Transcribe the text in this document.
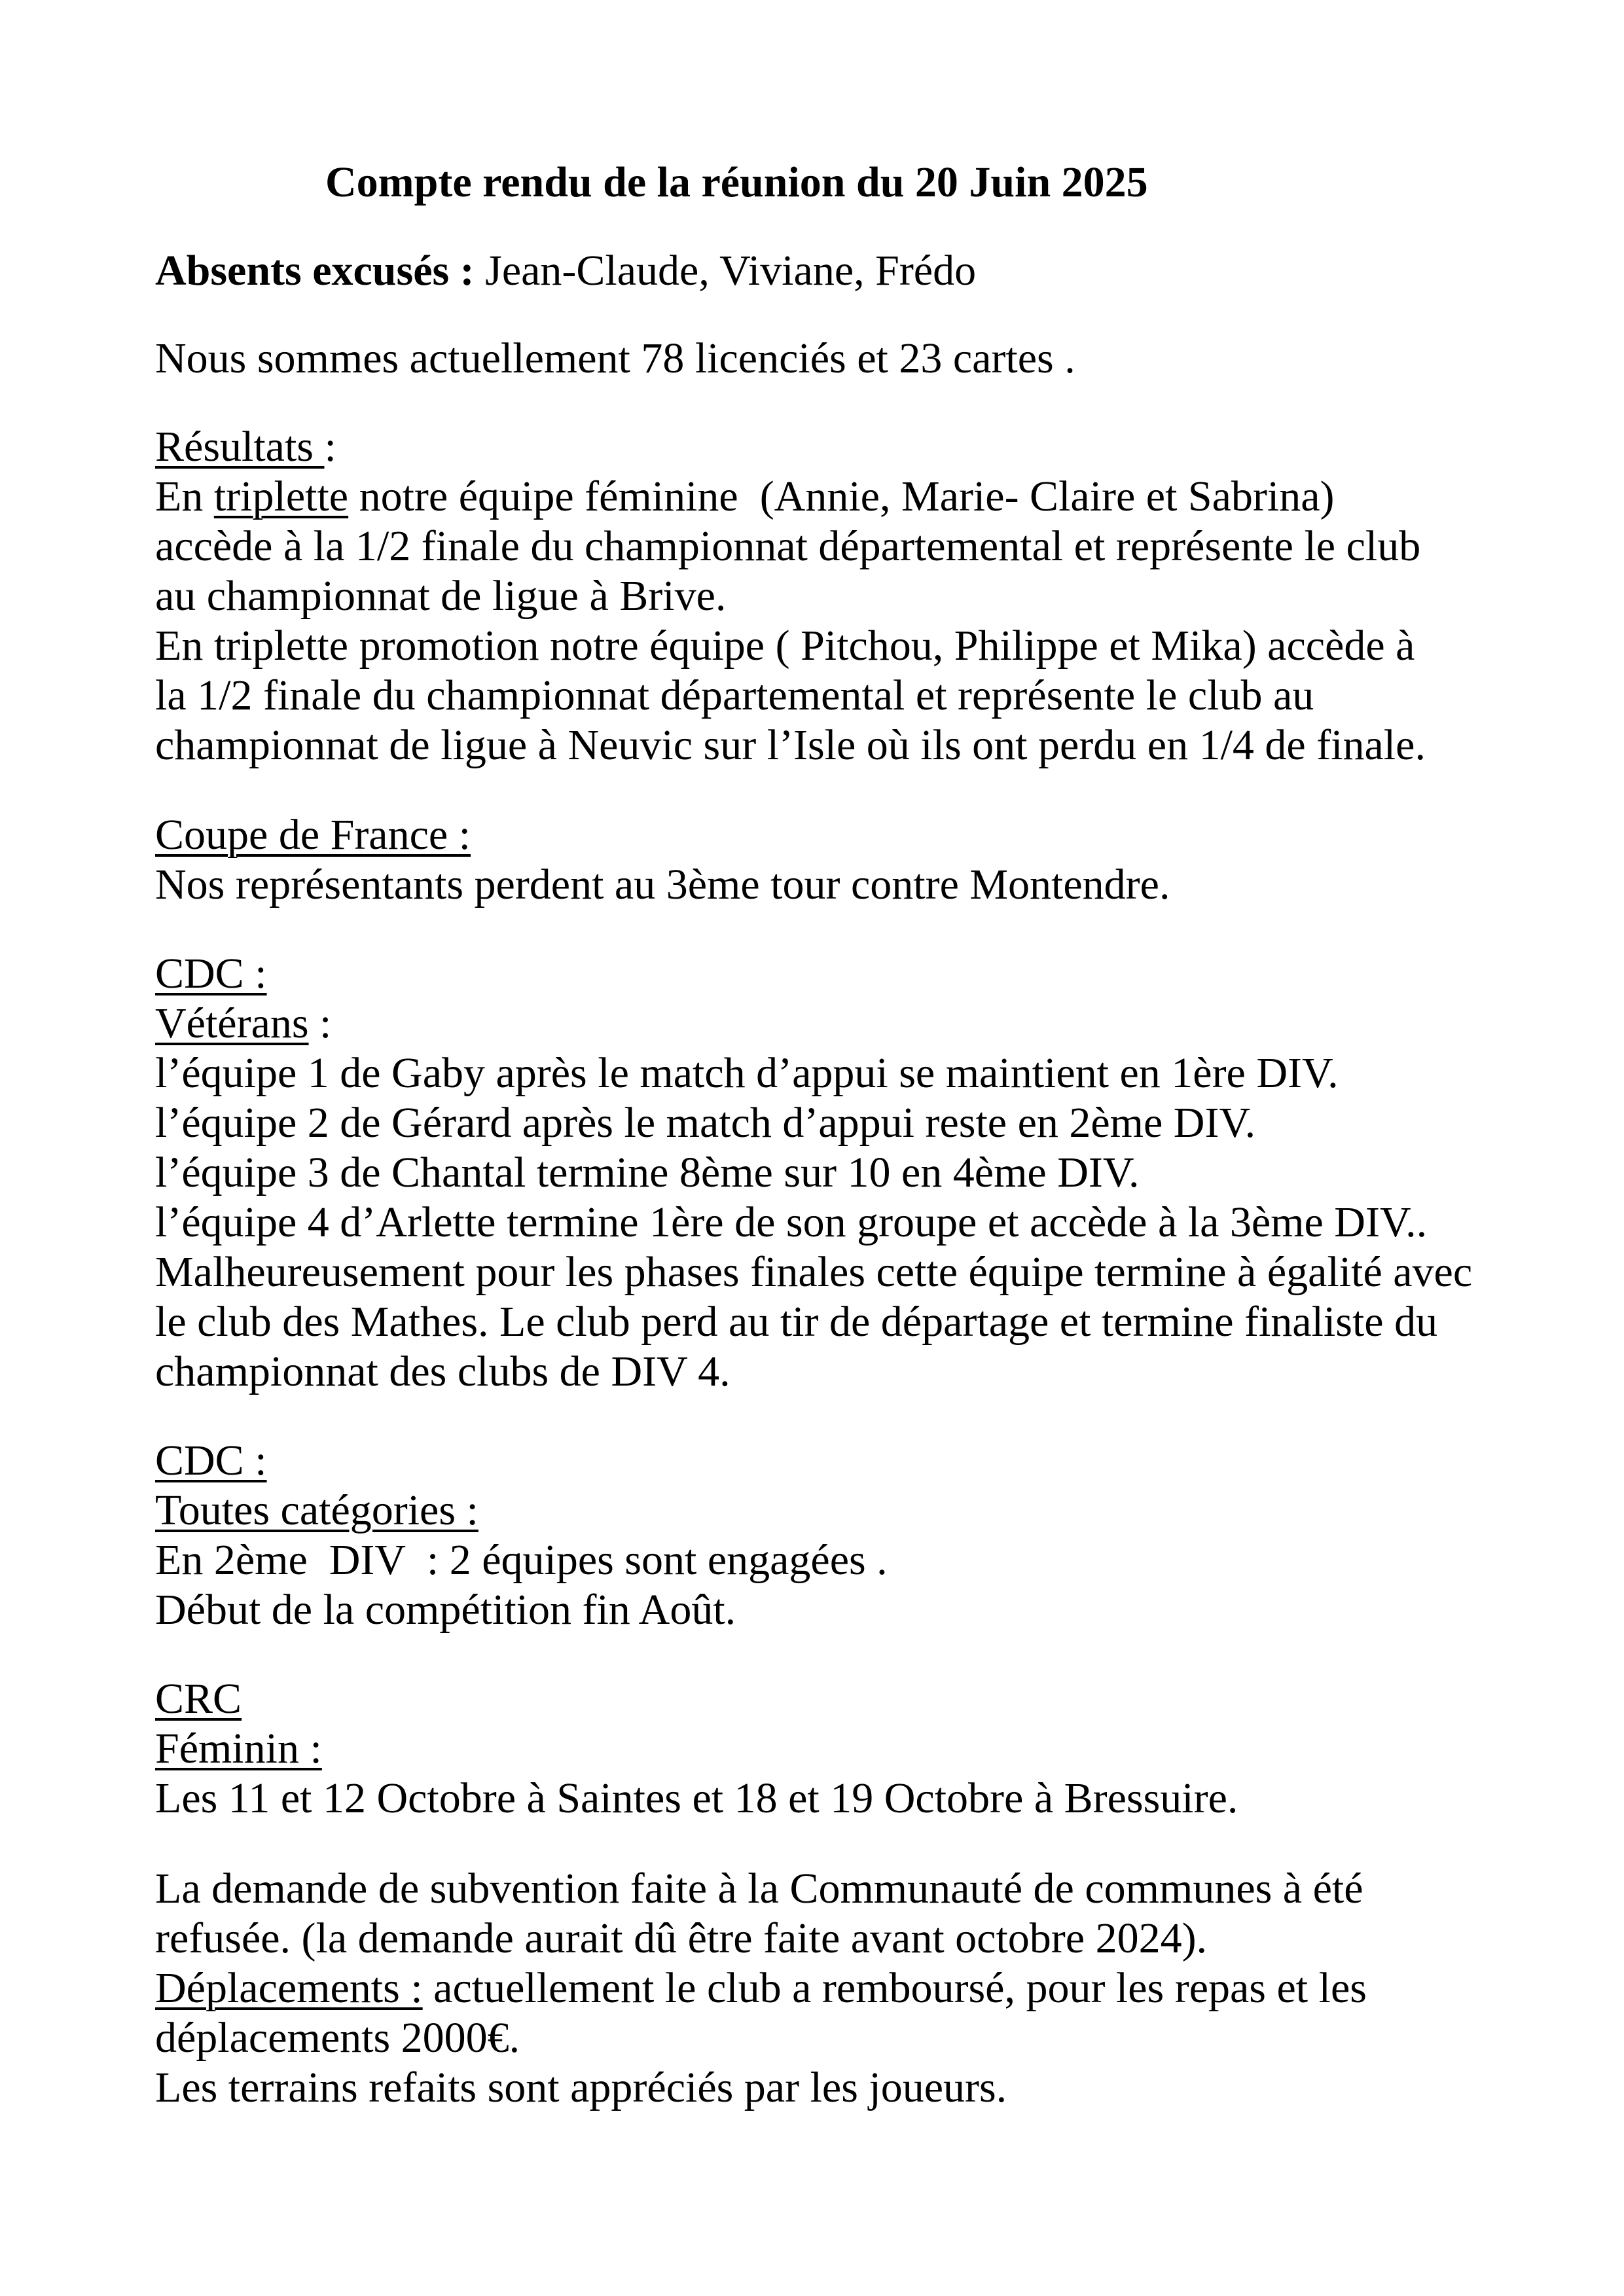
Compte rendu de la réunion du 20 Juin 2025
Absents excusés : Jean-Claude, Viviane, Frédo
Nous sommes actuellement 78 licenciés et 23 cartes .
Résultats :
En triplette notre équipe féminine  (Annie, Marie- Claire et Sabrina)
accède à la 1/2 finale du championnat départemental et représente le club
au championnat de ligue à Brive.
En triplette promotion notre équipe ( Pitchou, Philippe et Mika) accède à
la 1/2 finale du championnat départemental et représente le club au
championnat de ligue à Neuvic sur l’Isle où ils ont perdu en 1/4 de finale.
Coupe de France :
Nos représentants perdent au 3ème tour contre Montendre.
CDC :
Vétérans :
l’équipe 1 de Gaby après le match d’appui se maintient en 1ère DIV.
l’équipe 2 de Gérard après le match d’appui reste en 2ème DIV.
l’équipe 3 de Chantal termine 8ème sur 10 en 4ème DIV.
l’équipe 4 d’Arlette termine 1ère de son groupe et accède à la 3ème DIV..
Malheureusement pour les phases finales cette équipe termine à égalité avec
le club des Mathes. Le club perd au tir de départage et termine finaliste du
championnat des clubs de DIV 4.
CDC :
Toutes catégories :
En 2ème  DIV  : 2 équipes sont engagées .
Début de la compétition fin Août.
CRC
Féminin :
Les 11 et 12 Octobre à Saintes et 18 et 19 Octobre à Bressuire.
La demande de subvention faite à la Communauté de communes à été
refusée. (la demande aurait dû être faite avant octobre 2024).
Déplacements : actuellement le club a remboursé, pour les repas et les
déplacements 2000€.
Les terrains refaits sont appréciés par les joueurs.
